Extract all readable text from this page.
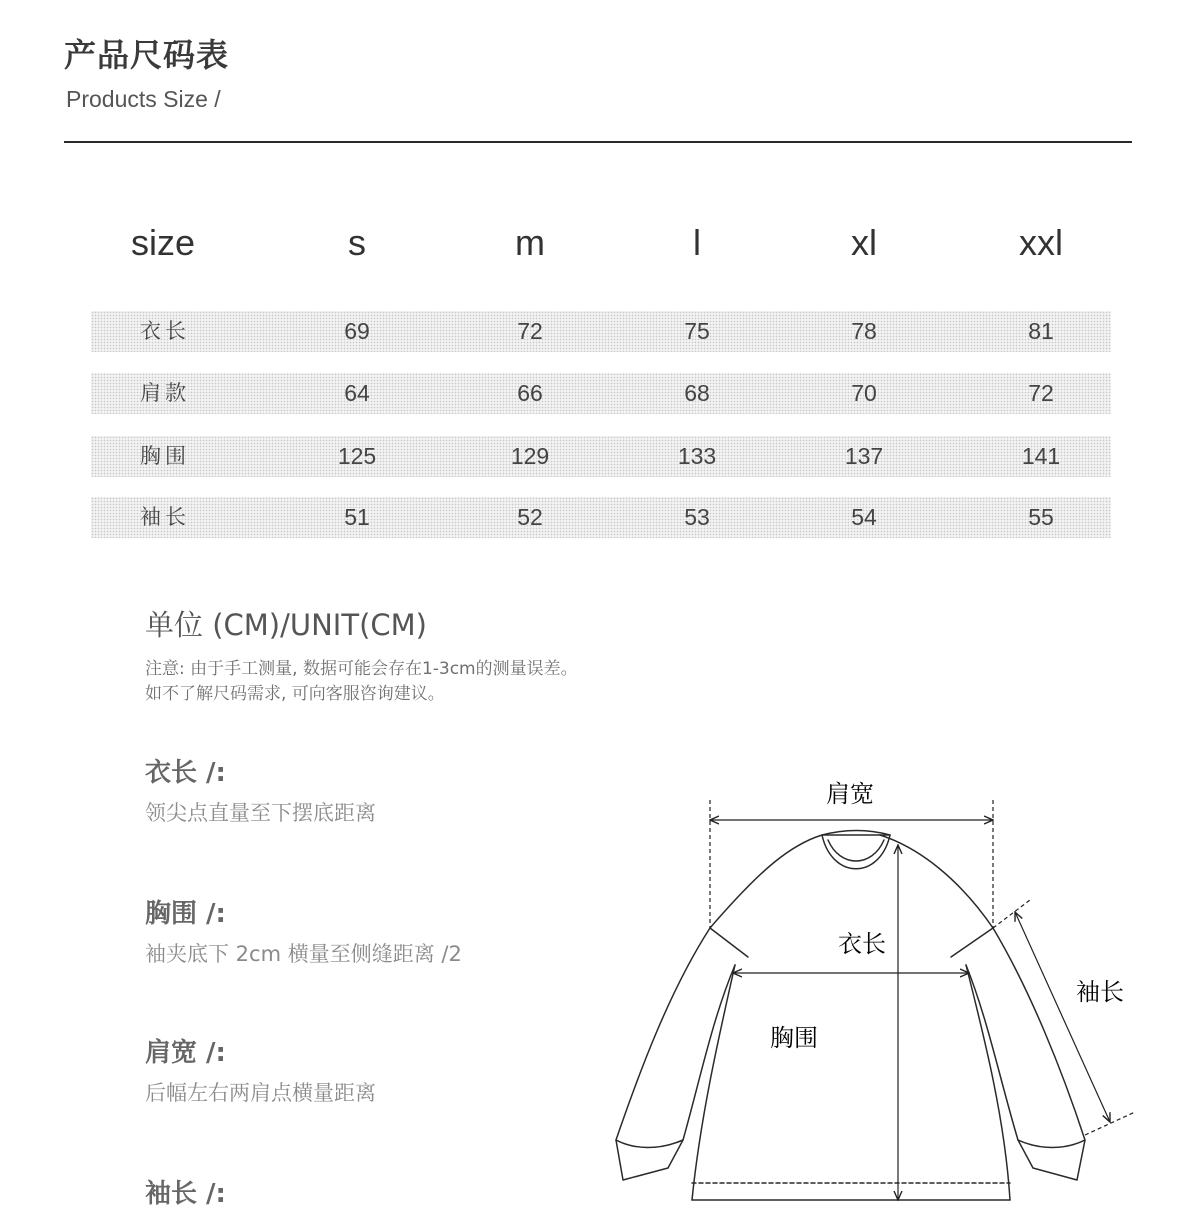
产品尺码表
Products Size /
size	s	m	l	xl	xxl
衣长	69	72	75	78	81
肩款	64	66	68	70	72
胸围	125	129	133	137	141
袖长	51	52	53	54	55
单位 (CM)/UNIT(CM)
注意: 由于手工测量, 数据可能会存在1-3cm的测量误差。
如不了解尺码需求, 可向客服咨询建议。
衣长 /:
领尖点直量至下摆底距离
胸围 /:
袖夹底下 2cm 横量至侧缝距离 /2
肩宽 /:
后幅左右两肩点横量距离
袖长 /:
肩宽
衣长
胸围
袖长
